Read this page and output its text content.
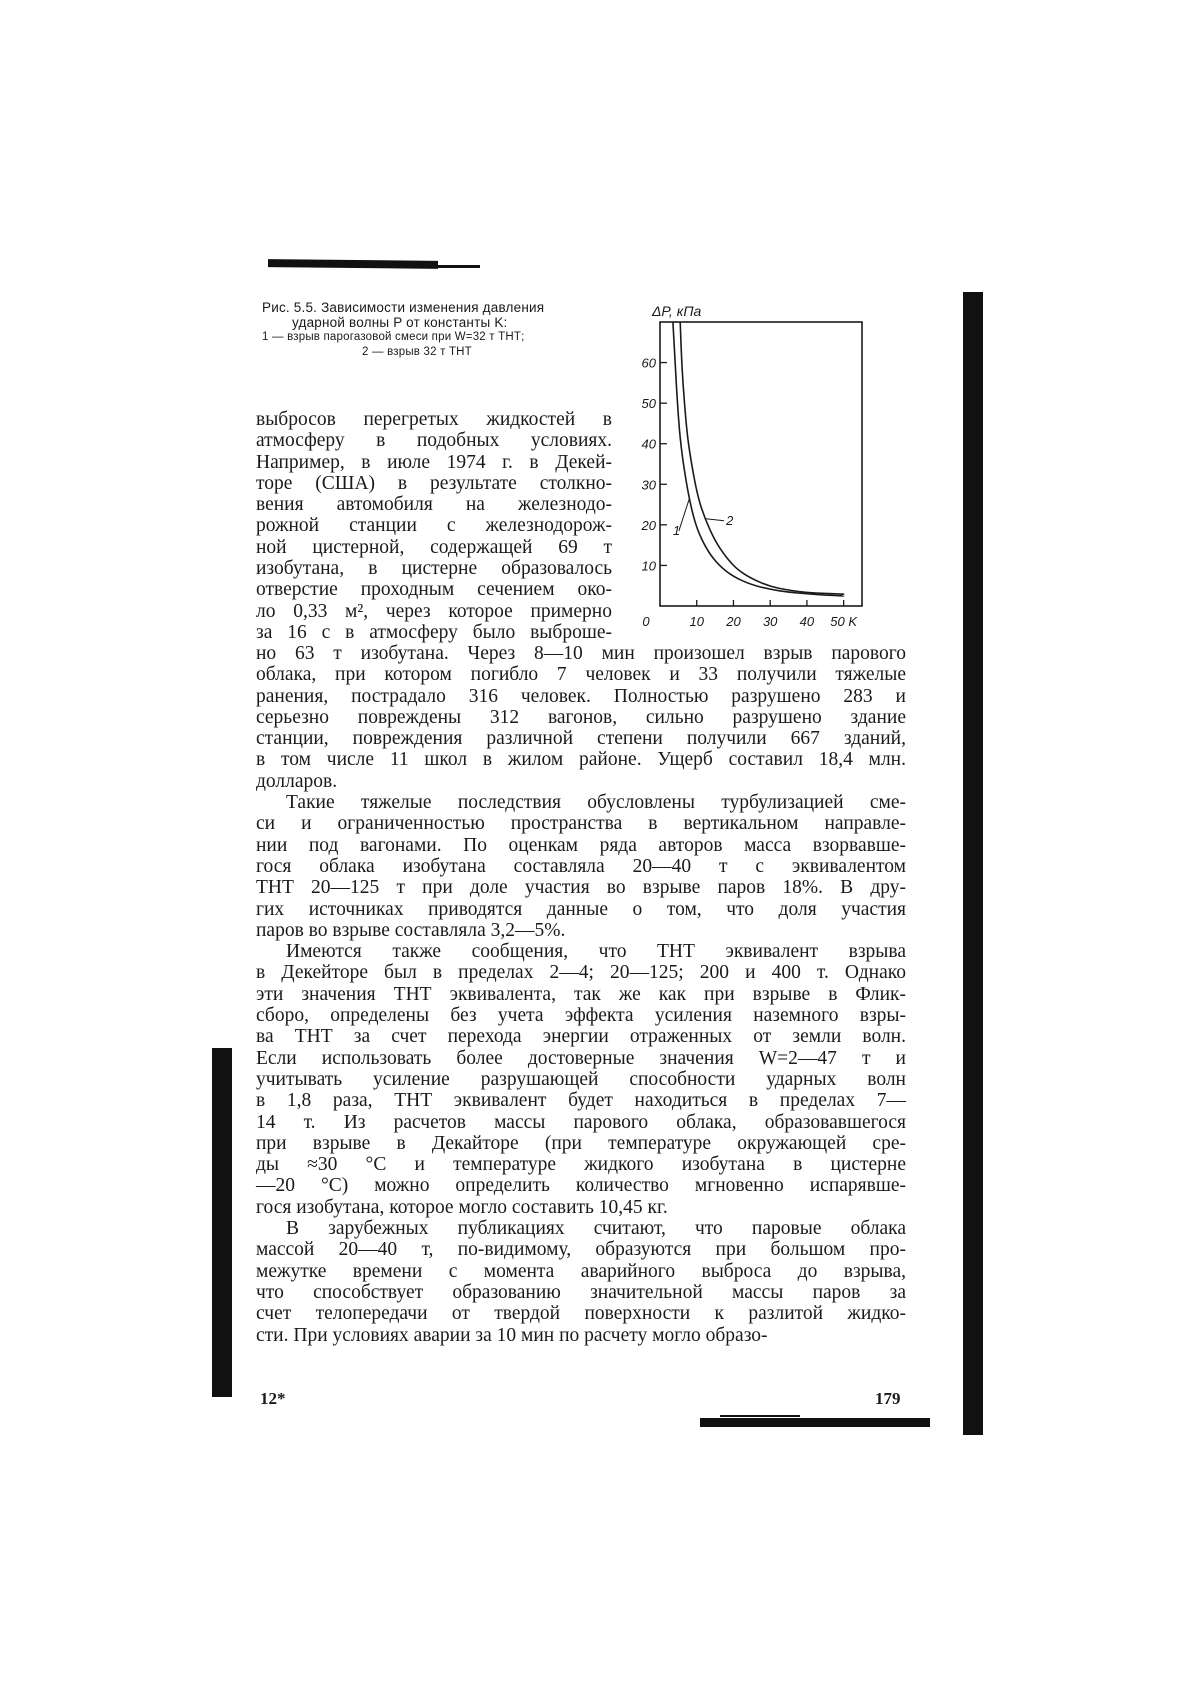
Рис. 5.5. Зависимости изменения давления
ударной волны P от константы K:
1 — взрыв парогазовой смеси при W=32 т ТНТ;
2 — взрыв 32 т ТНТ
10
20
30
40
50
60
0	10 20 30 40 50 K
ΔP, кПа
1
2
выбросов перегретых жидкостей в
атмосферу в подобных условиях.
Например, в июле 1974 г. в Декей-
торе (США) в результате столкно-
вения автомобиля на железнодо-
рожной станции с железнодорож-
ной цистерной, содержащей 69 т
изобутана, в цистерне образовалось
отверстие проходным сечением око-
ло 0,33 м², через которое примерно
за 16 с в атмосферу было выброше-
но 63 т изобутана. Через 8—10 мин произошел взрыв парового
облака, при котором погибло 7 человек и 33 получили тяжелые
ранения, пострадало 316 человек. Полностью разрушено 283 и
серьезно повреждены 312 вагонов, сильно разрушено здание
станции, повреждения различной степени получили 667 зданий,
в том числе 11 школ в жилом районе. Ущерб составил 18,4 млн.
долларов.
Такие тяжелые последствия обусловлены турбулизацией сме-
си и ограниченностью пространства в вертикальном направле-
нии под вагонами. По оценкам ряда авторов масса взорвавше-
гося облака изобутана составляла 20—40 т с эквивалентом
ТНТ 20—125 т при доле участия во взрыве паров 18%. В дру-
гих источниках приводятся данные о том, что доля участия
паров во взрыве составляла 3,2—5%.
Имеются также сообщения, что ТНТ эквивалент взрыва
в Декейторе был в пределах 2—4; 20—125; 200 и 400 т. Однако
эти значения ТНТ эквивалента, так же как при взрыве в Флик-
сборо, определены без учета эффекта усиления наземного взры-
ва ТНТ за счет перехода энергии отраженных от земли волн.
Если использовать более достоверные значения W=2—47 т и
учитывать усиление разрушающей способности ударных волн
в 1,8 раза, ТНТ эквивалент будет находиться в пределах 7—
14 т. Из расчетов массы парового облака, образовавшегося
при взрыве в Декайторе (при температуре окружающей сре-
ды ≈30 °С и температуре жидкого изобутана в цистерне
—20 °С) можно определить количество мгновенно испарявше-
гося изобутана, которое могло составить 10,45 кг.
В зарубежных публикациях считают, что паровые облака
массой 20—40 т, по-видимому, образуются при большом про-
межутке времени с момента аварийного выброса до взрыва,
что способствует образованию значительной массы паров за
счет телопередачи от твердой поверхности к разлитой жидко-
сти. При условиях аварии за 10 мин по расчету могло образо-
12*	179
